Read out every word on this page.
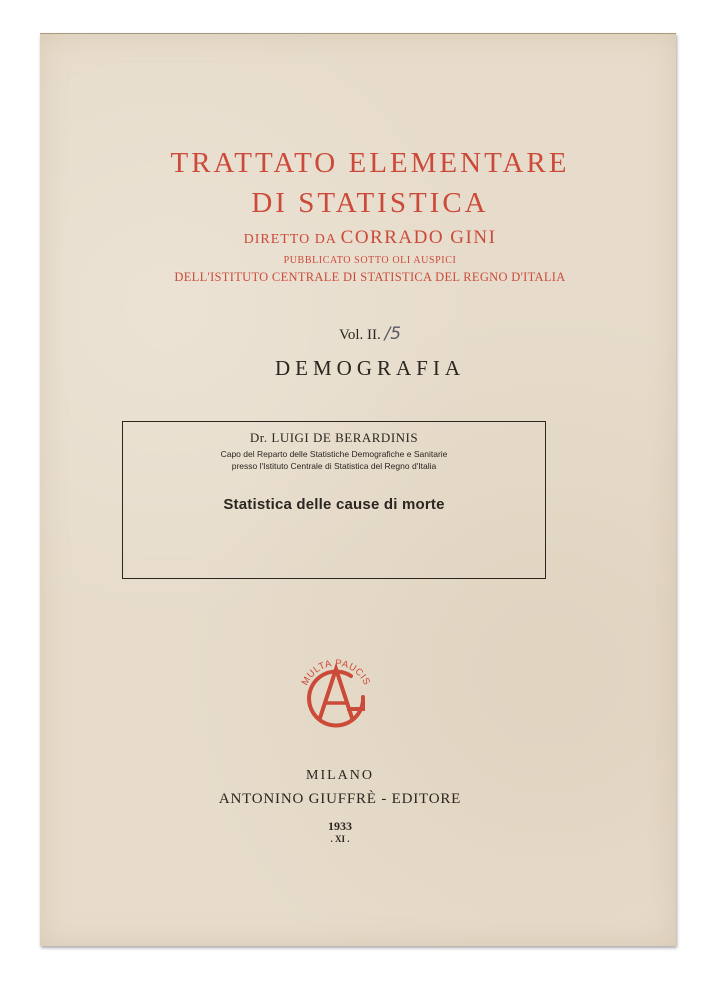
TRATTATO ELEMENTARE
DI STATISTICA
DIRETTO DA CORRADO GINI
PUBBLICATO SOTTO OLI AUSPICI
DELL'ISTITUTO CENTRALE DI STATISTICA DEL REGNO D'ITALIA
Vol. II. /5
DEMOGRAFIA
Dr. LUIGI DE BERARDINIS
Capo del Reparto delle Statistiche Demografiche e Sanitarie
presso l'Istituto Centrale di Statistica del Regno d'Italia
Statistica delle cause di morte
MULTA PAUCIS
MILANO
ANTONINO GIUFFRÈ - EDITORE
1933
. XI .
